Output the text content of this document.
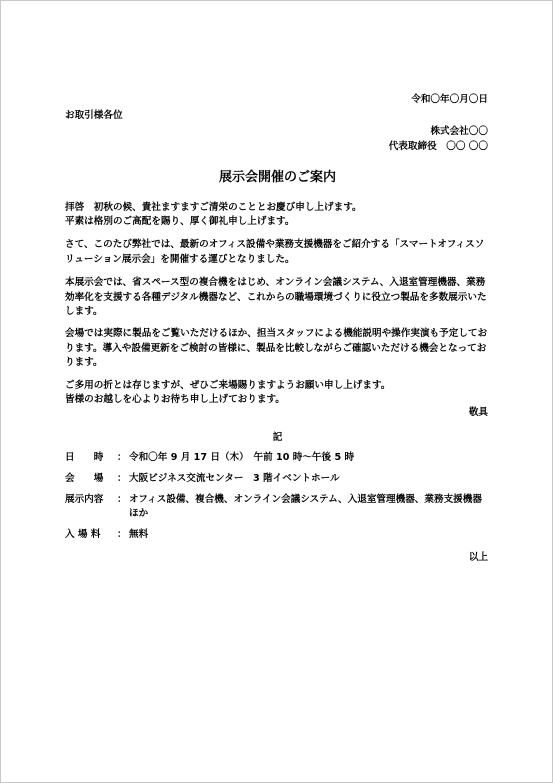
令和〇年〇月〇日
お取引様各位
株式会社〇〇
代表取締役　〇〇 〇〇
展示会開催のご案内
拝啓　初秋の候、貴社ますますご清栄のこととお慶び申し上げます。
平素は格別のご高配を賜り、厚く御礼申し上げます。
さて、このたび弊社では、最新のオフィス設備や業務支援機器をご紹介する「スマートオフィスソリューション展示会」を開催する運びとなりました。
本展示会では、省スペース型の複合機をはじめ、オンライン会議システム、入退室管理機器、業務効率化を支援する各種デジタル機器など、これからの職場環境づくりに役立つ製品を多数展示いたします。
会場では実際に製品をご覧いただけるほか、担当スタッフによる機能説明や操作実演も予定しております。導入や設備更新をご検討の皆様に、製品を比較しながらご確認いただける機会となっております。
ご多用の折とは存じますが、ぜひご来場賜りますようお願い申し上げます。
皆様のお越しを心よりお待ち申し上げております。
敬具
記
日　　時	： 令和〇年 9 月 17 日（木）　午前 10 時～午後 5 時
会　　場	： 大阪ビジネス交流センター　3 階イベントホール
展示内容	： オフィス設備、複合機、オンライン会議システム、入退室管理機器、業務支援機器ほか
入 場 料	： 無料
以上
